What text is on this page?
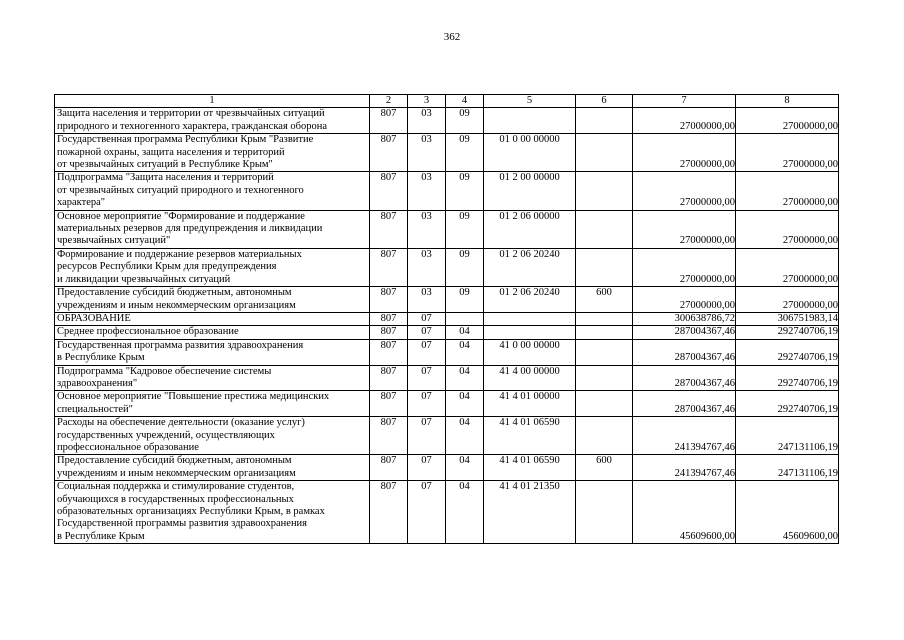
362
1	2	3	4	5	6	7	8

Защита населения и территории от чрезвычайных ситуаций
природного и техногенного характера, гражданская оборона	807	03	09			27000000,00	27000000,00

Государственная программа Республики Крым "Развитие
пожарной охраны, защита населения и территорий
от чрезвычайных ситуаций в Республике Крым"	807	03	09	01 0 00 00000		27000000,00	27000000,00

Подпрограмма "Защита населения и территорий
от чрезвычайных ситуаций природного и техногенного
характера"	807	03	09	01 2 00 00000		27000000,00	27000000,00

Основное мероприятие "Формирование и поддержание
материальных резервов для предупреждения и ликвидации
чрезвычайных ситуаций"	807	03	09	01 2 06 00000		27000000,00	27000000,00

Формирование и поддержание резервов материальных
ресурсов Республики Крым для предупреждения
и ликвидации чрезвычайных ситуаций	807	03	09	01 2 06 20240		27000000,00	27000000,00

Предоставление субсидий бюджетным, автономным
учреждениям и иным некоммерческим организациям	807	03	09	01 2 06 20240	600	27000000,00	27000000,00

ОБРАЗОВАНИЕ	807	07				300638786,72	306751983,14

Среднее профессиональное образование	807	07	04			287004367,46	292740706,19

Государственная программа развития здравоохранения
в Республике Крым	807	07	04	41 0 00 00000		287004367,46	292740706,19

Подпрограмма "Кадровое обеспечение системы
здравоохранения"	807	07	04	41 4 00 00000		287004367,46	292740706,19

Основное мероприятие "Повышение престижа медицинских
специальностей"	807	07	04	41 4 01 00000		287004367,46	292740706,19

Расходы на обеспечение деятельности (оказание услуг)
государственных учреждений, осуществляющих
профессиональное образование	807	07	04	41 4 01 06590		241394767,46	247131106,19

Предоставление субсидий бюджетным, автономным
учреждениям и иным некоммерческим организациям	807	07	04	41 4 01 06590	600	241394767,46	247131106,19

Социальная поддержка и стимулирование студентов,
обучающихся в государственных профессиональных
образовательных организациях Республики Крым, в рамках
Государственной программы развития здравоохранения
в Республике Крым	807	07	04	41 4 01 21350		45609600,00	45609600,00
